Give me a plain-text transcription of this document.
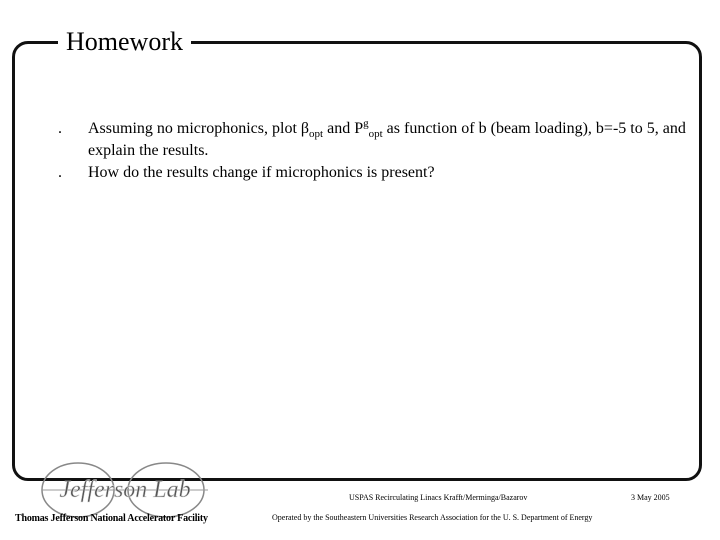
Homework
.	Assuming no microphonics, plot $\beta_{opt}$ and $P^g_{opt}$ as function of b (beam loading), b=-5 to 5, and explain the results.
.	How do the results change if microphonics is present?
Jefferson Lab
Thomas Jefferson National Accelerator Facility
USPAS Recirculating Linacs Krafft/Merminga/Bazarov	3 May 2005
Operated by the Southeastern Universities Research Association for the U. S. Department of Energy
